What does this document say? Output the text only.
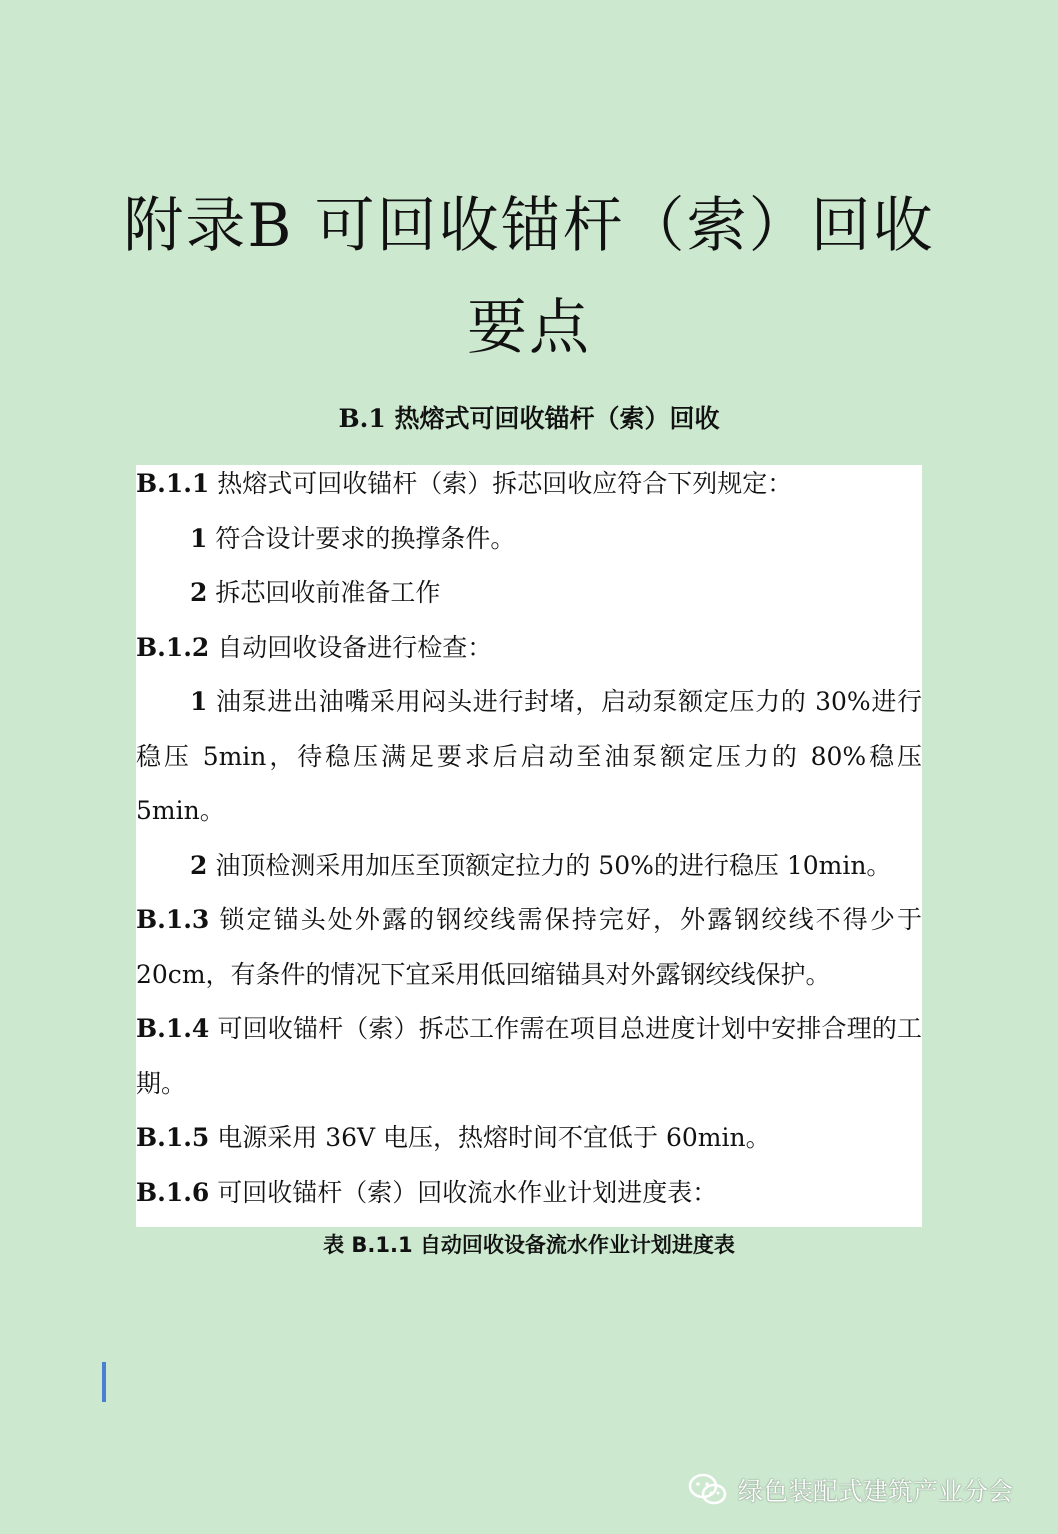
附录B 可回收锚杆（索）回收
要点
B.1 热熔式可回收锚杆（索）回收

B.1.1 热熔式可回收锚杆（索）拆芯回收应符合下列规定：

1 符合设计要求的换撑条件。

2 拆芯回收前准备工作

B.1.2 自动回收设备进行检查：

1 油泵进出油嘴采用闷头进行封堵，启动泵额定压力的 30%进行稳压 5min，待稳压满足要求后启动至油泵额定压力的 80%稳压 5min。

2 油顶检测采用加压至顶额定拉力的 50%的进行稳压 10min。

B.1.3 锁定锚头处外露的钢绞线需保持完好，外露钢绞线不得少于 20cm，有条件的情况下宜采用低回缩锚具对外露钢绞线保护。

B.1.4 可回收锚杆（索）拆芯工作需在项目总进度计划中安排合理的工期。

B.1.5 电源采用 36V 电压，热熔时间不宜低于 60min。

B.1.6 可回收锚杆（索）回收流水作业计划进度表：

表 B.1.1 自动回收设备流水作业计划进度表

绿色装配式建筑产业分会
